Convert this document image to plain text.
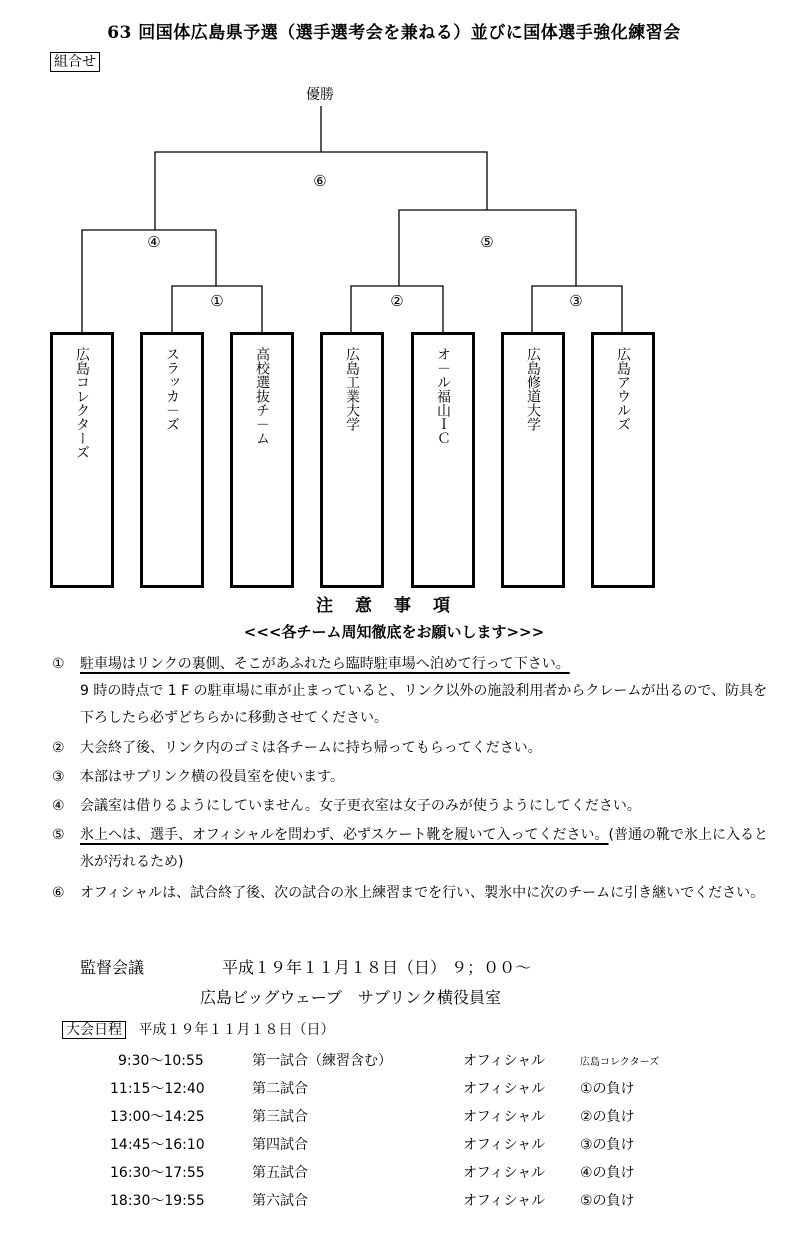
63 回国体広島県予選（選手選考会を兼ねる）並びに国体選手強化練習会
組合せ
優勝
⑥
④	⑤
①	②	③
広島コレクターズ	スラッカ－ズ	高校選抜チ－ム	広島工業大学	オ－ル福山ＩＣ	広島修道大学	広島アウルズ
注意事項
<<<各チーム周知徹底をお願いします>>>
①	駐車場はリンクの裏側、そこがあふれたら臨時駐車場へ泊めて行って下さい。
9 時の時点で 1 F の駐車場に車が止まっていると、リンク以外の施設利用者からクレームが出るので、防具を下ろしたら必ずどちらかに移動させてください。
②	大会終了後、リンク内のゴミは各チームに持ち帰ってもらってください。
③	本部はサブリンク横の役員室を使います。
④	会議室は借りるようにしていません。女子更衣室は女子のみが使うようにしてください。
⑤	氷上へは、選手、オフィシャルを問わず、必ずスケート靴を履いて入ってください。(普通の靴で氷上に入ると氷が汚れるため)
⑥	オフィシャルは、試合終了後、次の試合の氷上練習までを行い、製氷中に次のチームに引き継いでください。
監督会議	平成１９年１１月１８日（日） ９；００～
広島ビッグウェーブ　サブリンク横役員室
大会日程 平成１９年１１月１８日（日）
9:30～10:55	第一試合（練習含む）	オフィシャル	広島コレクターズ
11:15～12:40	第二試合	オフィシャル ①の負け
13:00～14:25	第三試合	オフィシャル ②の負け
14:45～16:10	第四試合	オフィシャル ③の負け
16:30～17:55	第五試合	オフィシャル ④の負け
18:30～19:55	第六試合	オフィシャル ⑤の負け
